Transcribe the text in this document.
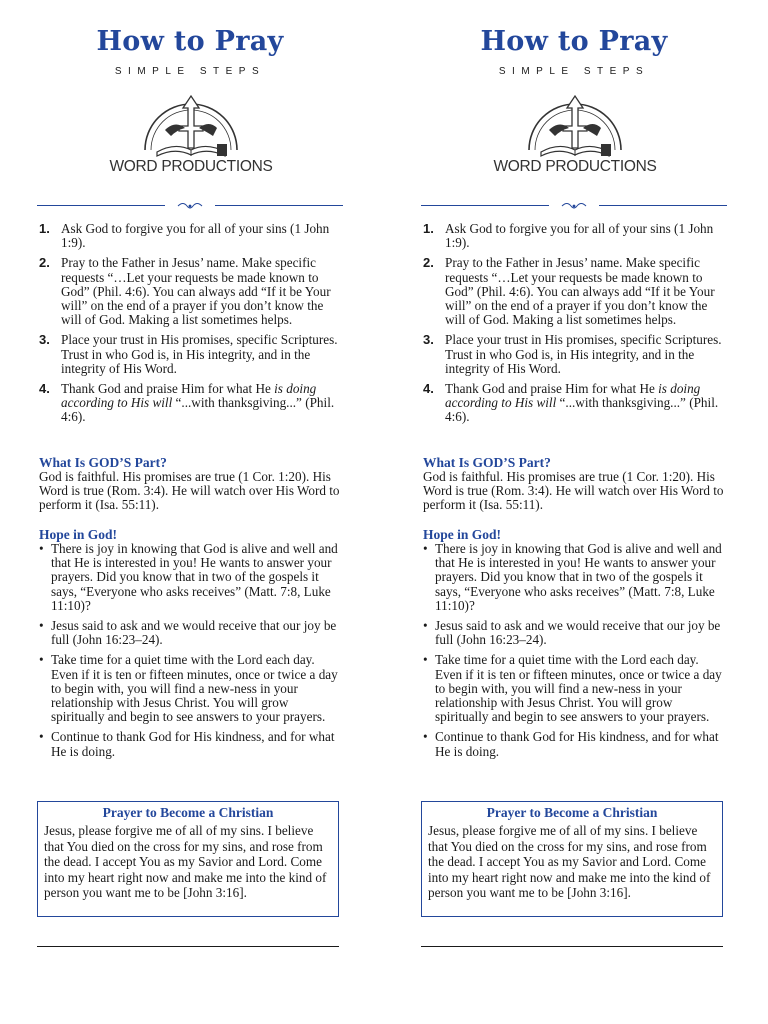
How to Pray
SIMPLE STEPS
WORD PRODUCTIONS
1. Ask God to forgive you for all of your sins (1 John 1:9).
2. Pray to the Father in Jesus’ name. Make specific requests “…Let your requests be made known to God” (Phil. 4:6). You can always add “If it be Your will” on the end of a prayer if you don’t know the will of God. Making a list sometimes helps.
3. Place your trust in His promises, specific Scriptures. Trust in who God is, in His integrity, and in the integrity of His Word.
4. Thank God and praise Him for what He is doing according to His will “...with thanksgiving...” (Phil. 4:6).

What Is GOD’S Part?

God is faithful. His promises are true (1 Cor. 1:20). His Word is true (Rom. 3:4). He will watch over His Word to perform it (Isa. 55:11).

Hope in God!

• There is joy in knowing that God is alive and well and that He is interested in you! He wants to answer your prayers. Did you know that in two of the gospels it says, “Everyone who asks receives” (Matt. 7:8, Luke 11:10)?
• Jesus said to ask and we would receive that our joy be full (John 16:23–24).
• Take time for a quiet time with the Lord each day. Even if it is ten or fifteen minutes, once or twice a day to begin with, you will find a new-ness in your relationship with Jesus Christ. You will grow spiritually and begin to see answers to your prayers.
• Continue to thank God for His kindness, and for what He is doing.
Prayer to Become a Christian
Jesus, please forgive me of all of my sins. I believe that You died on the cross for my sins, and rose from the dead. I accept You as my Savior and Lord. Come into my heart right now and make me into the kind of person you want me to be [John 3:16].
How to Pray
SIMPLE STEPS
WORD PRODUCTIONS
1. Ask God to forgive you for all of your sins (1 John 1:9).
2. Pray to the Father in Jesus’ name. Make specific requests “…Let your requests be made known to God” (Phil. 4:6). You can always add “If it be Your will” on the end of a prayer if you don’t know the will of God. Making a list sometimes helps.
3. Place your trust in His promises, specific Scriptures. Trust in who God is, in His integrity, and in the integrity of His Word.
4. Thank God and praise Him for what He is doing according to His will “...with thanksgiving...” (Phil. 4:6).

What Is GOD’S Part?

God is faithful. His promises are true (1 Cor. 1:20). His Word is true (Rom. 3:4). He will watch over His Word to perform it (Isa. 55:11).

Hope in God!

• There is joy in knowing that God is alive and well and that He is interested in you! He wants to answer your prayers. Did you know that in two of the gospels it says, “Everyone who asks receives” (Matt. 7:8, Luke 11:10)?
• Jesus said to ask and we would receive that our joy be full (John 16:23–24).
• Take time for a quiet time with the Lord each day. Even if it is ten or fifteen minutes, once or twice a day to begin with, you will find a new-ness in your relationship with Jesus Christ. You will grow spiritually and begin to see answers to your prayers.
• Continue to thank God for His kindness, and for what He is doing.
Prayer to Become a Christian
Jesus, please forgive me of all of my sins. I believe that You died on the cross for my sins, and rose from the dead. I accept You as my Savior and Lord. Come into my heart right now and make me into the kind of person you want me to be [John 3:16].
